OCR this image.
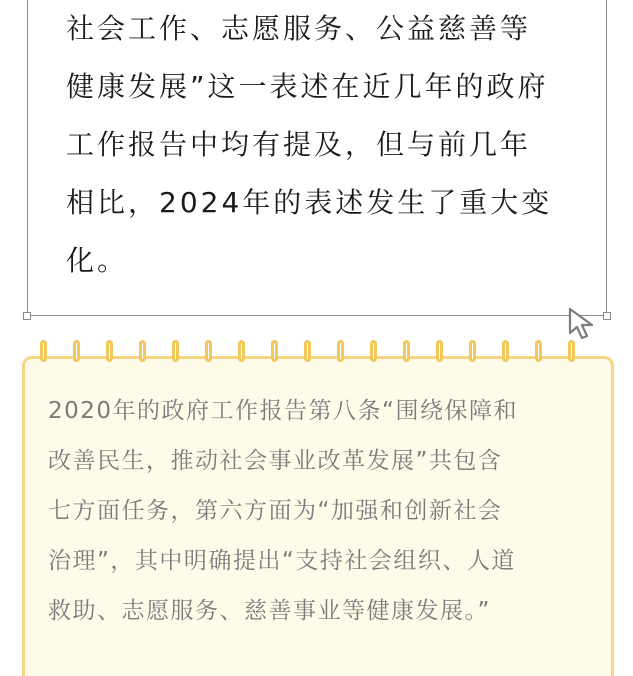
社会工作、志愿服务、公益慈善等
健康发展”这一表述在近几年的政府
工作报告中均有提及，但与前几年
相比，2024年的表述发生了重大变
化。

2020年的政府工作报告第八条“围绕保障和
改善民生，推动社会事业改革发展”共包含
七方面任务，第六方面为“加强和创新社会
治理”，其中明确提出“支持社会组织、人道
救助、志愿服务、慈善事业等健康发展。”
